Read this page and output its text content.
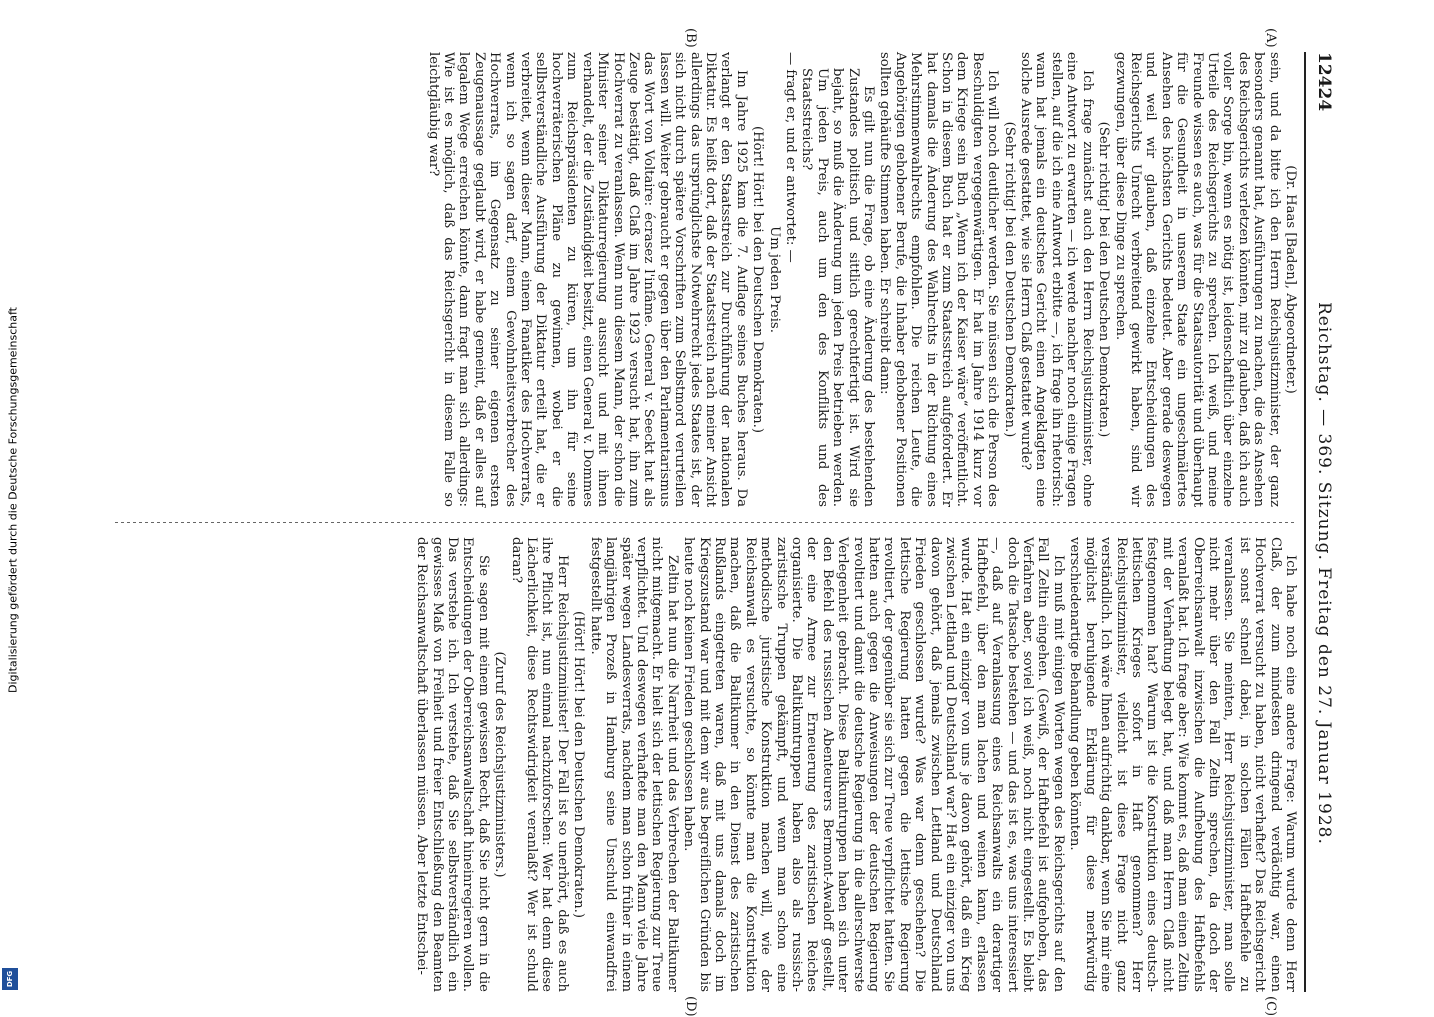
Digitalisierung gefördert durch die Deutsche Forschungsgemeinschaft
DFG
12424
Reichstag. — 369. Sitzung. Freitag den 27. Januar 1928.
(A)
(B)
(C)
(D)

(Dr. Haas [Baden], Abgeordneter.)

sein, und da bitte ich den Herrn Reichsjustizminister, der ganz besonders genannt hat, Ausführungen zu machen, die das Ansehen des Reichsgerichts verletzen könnten, mir zu glauben, daß ich auch voller Sorge bin, wenn es nötig ist, leidenschaftlich über einzelne Urteile des Reichsgerichts zu sprechen. Ich weiß, und meine Freunde wissen es auch, was für die Staatsautorität und überhaupt für die Gesundheit in unserem Staate ein ungeschmälertes Ansehen des höchsten Gerichts bedeutet. Aber gerade deswegen und weil wir glauben, daß einzelne Entscheidungen des Reichsgerichts Unrecht verbreitend gewirkt haben, sind wir gezwungen, über diese Dinge zu sprechen.

(Sehr richtig! bei den Deutschen Demokraten.)

Ich frage zunächst auch den Herrn Reichsjustizminister, ohne eine Antwort zu erwarten — ich werde nachher noch einige Fragen stellen, auf die ich eine Antwort erbitte —, ich frage ihn rhetorisch: wann hat jemals ein deutsches Gericht einen Angeklagten eine solche Ausrede gestattet, wie sie Herrn Claß gestattet wurde?

(Sehr richtig! bei den Deutschen Demokraten.)

Ich will noch deutlicher werden. Sie müssen sich die Person des Beschuldigten vergegenwärtigen. Er hat im Jahre 1914 kurz vor dem Kriege sein Buch „Wenn ich der Kaiser wäre“ veröffentlicht. Schon in diesem Buch hat er zum Staatsstreich aufgefordert. Er hat damals die Änderung des Wahlrechts in der Richtung eines Mehrstimmenwahlrechts empfohlen. Die reichen Leute, die Angehörigen gehobener Berufe, die Inhaber gehobener Positionen sollten gehäufte Stimmen haben. Er schreibt dann:

Es gilt nun die Frage, ob eine Änderung des bestehenden Zustandes politisch und sittlich gerechtfertigt ist. Wird sie bejaht, so muß die Änderung um jeden Preis betrieben werden. Um jeden Preis, auch um den des Konflikts und des Staatsstreichs?

— fragt er, und er antwortet: —

Um jeden Preis.

(Hört! Hört! bei den Deutschen Demokraten.)

Im Jahre 1925 kam die 7. Auflage seines Buches heraus. Da verlangt er den Staatsstreich zur Durchführung der nationalen Diktatur. Es heißt dort, daß der Staatsstreich nach meiner Ansicht allerdings das ursprünglichste Notwehrrecht jedes Staates ist, der sich nicht durch spätere Vorschriften zum Selbstmord verurteilen lassen will. Weiter gebraucht er gegen über den Parlamentarismus das Wort von Voltaire: écrasez l'infâme. General v. Seeckt hat als Zeuge bestätigt, daß Claß im Jahre 1923 versucht hat, ihn zum Hochverrat zu veranlassen. Wenn nun diesem Mann, der schon die Minister seiner Diktaturregierung aussucht und mit ihnen verhandelt, der die Zuständigkeit besitzt, einen General v. Dommes zum Reichspräsidenten zu küren, um ihn für seine hochverräterischen Pläne zu gewinnen, wobei er die sellbstverständliche Ausführung der Diktatur erteilt hat, die er verbreitet, wenn dieser Mann, einem Fanatiker des Hochverrats, wenn ich so sagen darf, einem Gewohnheitsverbrecher des Hochverrats, im Gegensatz zu seiner eigenen ersten Zeugenaussage geglaubt wird, er habe gemeint, daß er alles auf legalem Wege erreichen könnte, dann fragt man sich allerdings: Wie ist es möglich, daß das Reichsgericht in diesem Falle so leichtgläubig war?

Ich habe noch eine andere Frage: Warum wurde denn Herr Claß, der zum mindesten dringend verdächtig war, einen Hochverrat versucht zu haben, nicht verhaftet? Das Reichsgericht ist sonst schnell dabei, in solchen Fällen Haftbefehle zu veranlassen. Sie meinten, Herr Reichsjustizminister, man solle nicht mehr über den Fall Zeltin sprechen, da doch der Oberreichsanwalt inzwischen die Aufhebung des Haftbefehls veranlaßt hat. Ich frage aber: Wie kommt es, daß man einen Zeltin mit der Verhaftung belegt hat, und daß man Herrn Claß nicht festgenommen hat? Warum ist die Konstruktion eines deutsch-lettischen Krieges sofort in Haft genommen? Herr Reichsjustizminister, vielleicht ist diese Frage nicht ganz verständlich. Ich wäre Ihnen aufrichtig dankbar, wenn Sie mir eine möglichst beruhigende Erklärung für diese merkwürdig verschiedenartige Behandlung geben könnten.

Ich muß mit einigen Worten wegen des Reichsgerichts auf den Fall Zeltin eingehen. (Gewiß, der Haftbefehl ist aufgehoben, das Verfahren aber, soviel ich weiß, noch nicht eingestellt. Es bleibt doch die Tatsache bestehen — und das ist es, was uns interessiert —, daß auf Veranlassung eines Reichsanwalts ein derartiger Haftbefehl, über den man lachen und weinen kann, erlassen wurde. Hat ein einziger von uns je davon gehört, daß ein Krieg zwischen Lettland und Deutschland war? Hat ein einziger von uns davon gehört, daß jemals zwischen Lettland und Deutschland Frieden geschlossen wurde? Was war denn geschehen? Die lettische Regierung hatten gegen die lettische Regierung revoltiert, der gegenüber sie sich zur Treue verpflichtet hatten. Sie hatten auch gegen die Anweisungen der deutschen Regierung revoltiert und damit die deutsche Regierung in die allerschwerste Verlegenheit gebracht. Diese Baltikumtruppen haben sich unter den Befehl des russischen Abenteurers Bermont-Awaloff gestellt, der eine Armee zur Erneuerung des zaristischen Reiches organisierte. Die Baltikumtruppen haben also als russisch-zaristische Truppen gekämpft, und wenn man schon eine methodische juristische Konstruktion machen will, wie der Reichsanwalt es versuchte, so könnte man die Konstruktion machen, daß die Baltikumer in den Dienst des zaristischen Rußlands eingetreten waren, daß mit uns damals doch im Kriegszustand war und mit dem wir aus begreiflichen Gründen bis heute noch keinen Frieden geschlossen haben.

Zeltin hat nun die Narrheit und das Verbrechen der Baltikumer nicht mitgemacht. Er hielt sich der lettischen Regierung zur Treue verpflichtet. Und deswegen verhaftete man den Mann viele Jahre später wegen Landesverrats, nachdem man schon früher in einem langjährigen Prozeß in Hamburg seine Unschuld einwandfrei festgestellt hatte.

(Hört! Hört! bei den Deutschen Demokraten.)

Herr Reichsjustizminister! Der Fall ist so unerhört, daß es auch ihre Pflicht ist, nun einmal nachzuforschen: Wer hat denn diese Lächerlichkeit, diese Rechtswidrigkeit veranlaßt? Wer ist schuld daran?

(Zuruf des Reichsjustizministers.)

Sie sagen mit einem gewissen Recht, daß Sie nicht gern in die Entscheidungen der Oberreichsanwaltschaft hineinregieren wollen. Das verstehe ich. Ich verstehe, daß Sie selbstverständlich ein gewisses Maß von Freiheit und freier Entschließung den Beamten der Reichsanwaltschaft überlassen müssen. Aber letzte Entschei-
